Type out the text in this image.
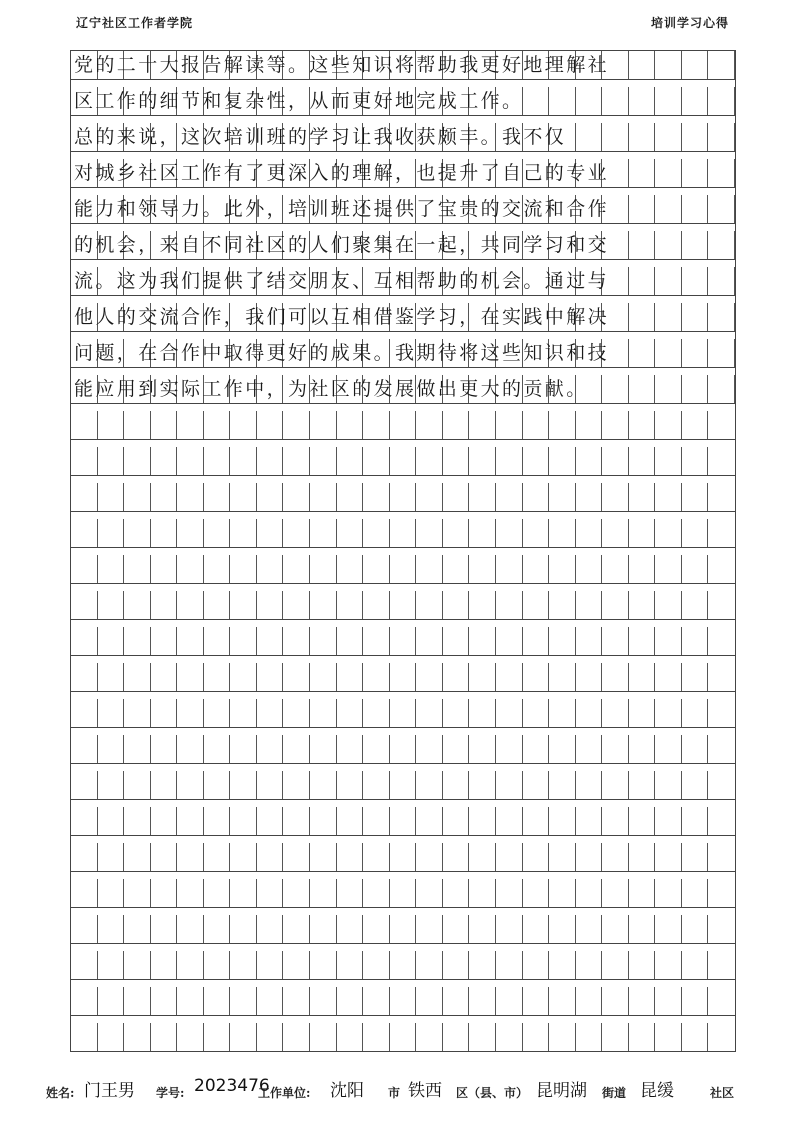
辽宁社区工作者学院	培训学习心得
党的二十大报告解读等。这些知识将帮助我更好地理解社
区工作的细节和复杂性，从而更好地完成工作。
总的来说，这次培训班的学习让我收获颇丰。我不仅
对城乡社区工作有了更深入的理解，也提升了自己的专业
能力和领导力。此外，培训班还提供了宝贵的交流和合作
的机会，来自不同社区的人们聚集在一起，共同学习和交
流。这为我们提供了结交朋友、互相帮助的机会。通过与
他人的交流合作，我们可以互相借鉴学习，在实践中解决
问题，在合作中取得更好的成果。我期待将这些知识和技
能应用到实际工作中，为社区的发展做出更大的贡献。
姓名: 门王男 学号: 2023476
工作单位: 沈阳 市 铁西 区（县、市） 昆明湖 街道 昆缓	社区
